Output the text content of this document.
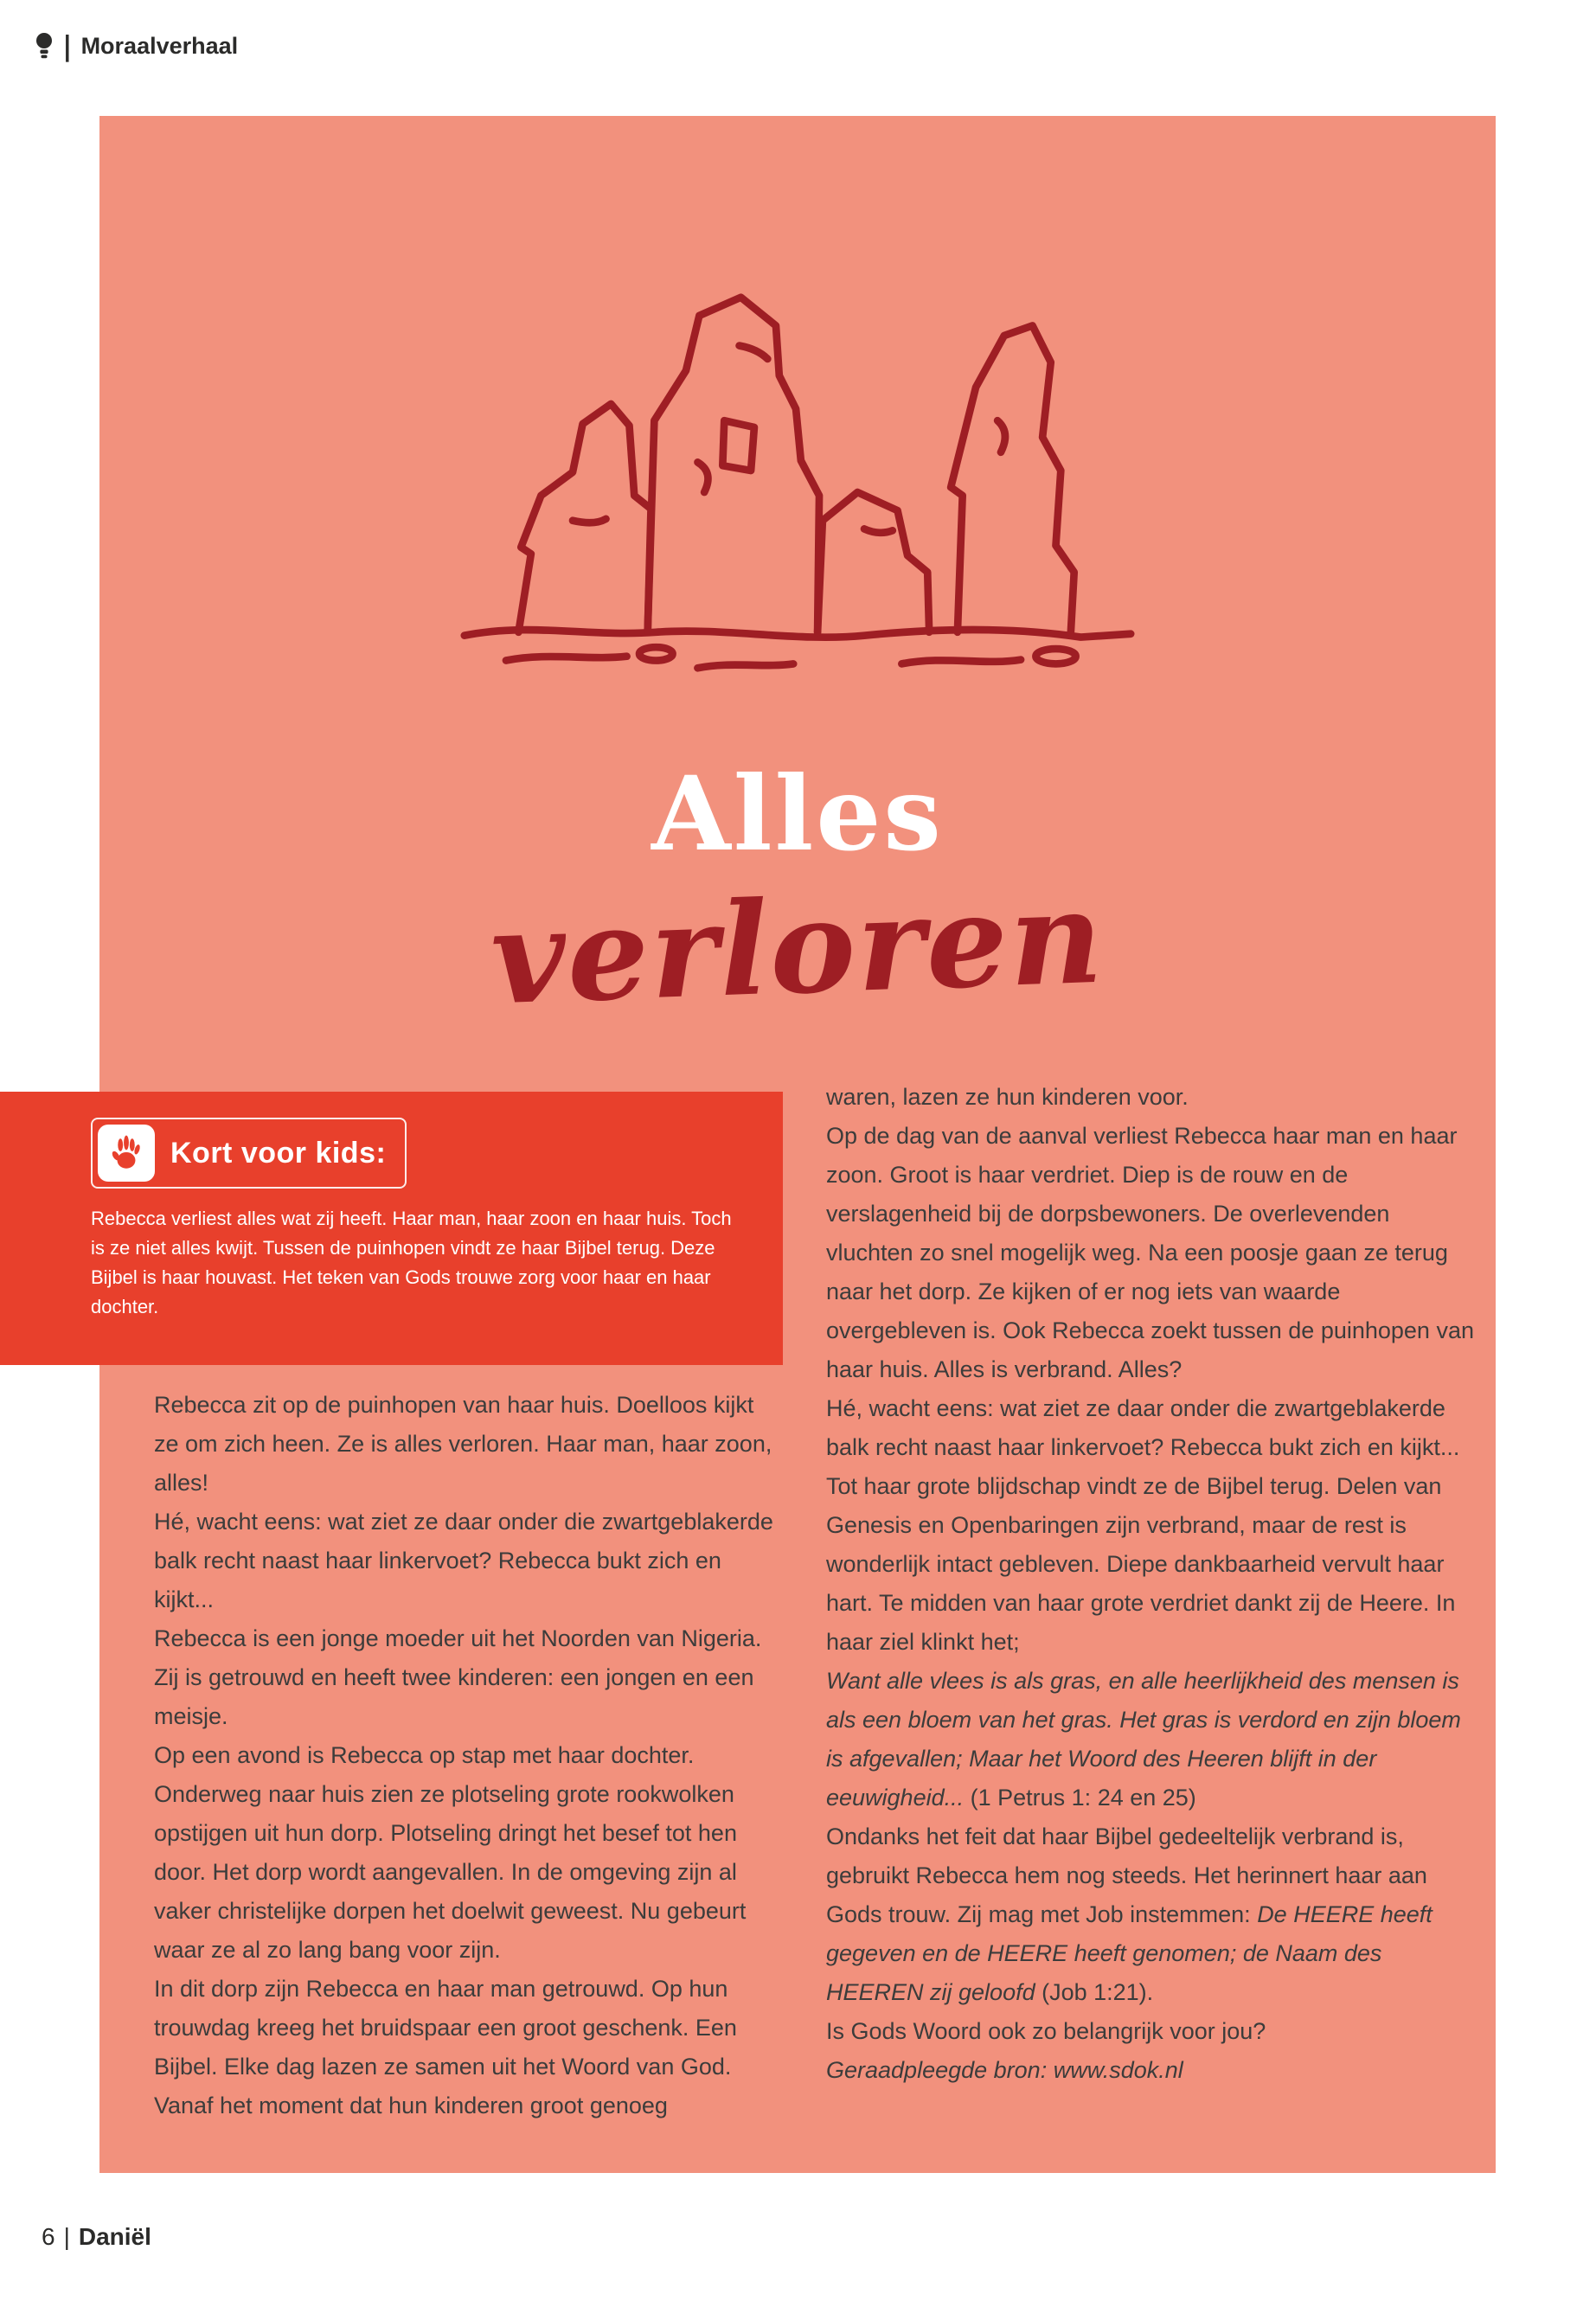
| Moraalverhaal
Alles
verloren
Kort voor kids:

Rebecca verliest alles wat zij heeft. Haar man, haar zoon en haar huis. Toch is ze niet alles kwijt. Tussen de puinhopen vindt ze haar Bijbel terug. Deze Bijbel is haar houvast. Het teken van Gods trouwe zorg voor haar en haar dochter.

Rebecca zit op de puinhopen van haar huis. Doelloos kijkt ze om zich heen. Ze is alles verloren. Haar man, haar zoon, alles!

Hé, wacht eens: wat ziet ze daar onder die zwartgeblakerde balk recht naast haar linkervoet? Rebecca bukt zich en kijkt...

Rebecca is een jonge moeder uit het Noorden van Nigeria. Zij is getrouwd en heeft twee kinderen: een jongen en een meisje.

Op een avond is Rebecca op stap met haar dochter. Onderweg naar huis zien ze plotseling grote rookwolken opstijgen uit hun dorp. Plotseling dringt het besef tot hen door. Het dorp wordt aangevallen. In de omgeving zijn al vaker christelijke dorpen het doelwit geweest. Nu gebeurt waar ze al zo lang bang voor zijn.

In dit dorp zijn Rebecca en haar man getrouwd. Op hun trouwdag kreeg het bruidspaar een groot geschenk. Een Bijbel. Elke dag lazen ze samen uit het Woord van God. Vanaf het moment dat hun kinderen groot genoeg

waren, lazen ze hun kinderen voor.

Op de dag van de aanval verliest Rebecca haar man en haar zoon. Groot is haar verdriet. Diep is de rouw en de verslagenheid bij de dorpsbewoners. De overlevenden vluchten zo snel mogelijk weg. Na een poosje gaan ze terug naar het dorp. Ze kijken of er nog iets van waarde overgebleven is. Ook Rebecca zoekt tussen de puinhopen van haar huis. Alles is verbrand. Alles?

Hé, wacht eens: wat ziet ze daar onder die zwartgeblakerde balk recht naast haar linkervoet? Rebecca bukt zich en kijkt...

Tot haar grote blijdschap vindt ze de Bijbel terug. Delen van Genesis en Openbaringen zijn verbrand, maar de rest is wonderlijk intact gebleven. Diepe dankbaarheid vervult haar hart. Te midden van haar grote verdriet dankt zij de Heere. In haar ziel klinkt het;

Want alle vlees is als gras, en alle heerlijkheid des mensen is als een bloem van het gras. Het gras is verdord en zijn bloem is afgevallen; Maar het Woord des Heeren blijft in der eeuwigheid... (1 Petrus 1: 24 en 25)

Ondanks het feit dat haar Bijbel gedeeltelijk verbrand is, gebruikt Rebecca hem nog steeds. Het herinnert haar aan Gods trouw. Zij mag met Job instemmen: De HEERE heeft gegeven en de HEERE heeft genomen; de Naam des HEEREN zij geloofd (Job 1:21).

Is Gods Woord ook zo belangrijk voor jou?

Geraadpleegde bron: www.sdok.nl

6 | Daniël
